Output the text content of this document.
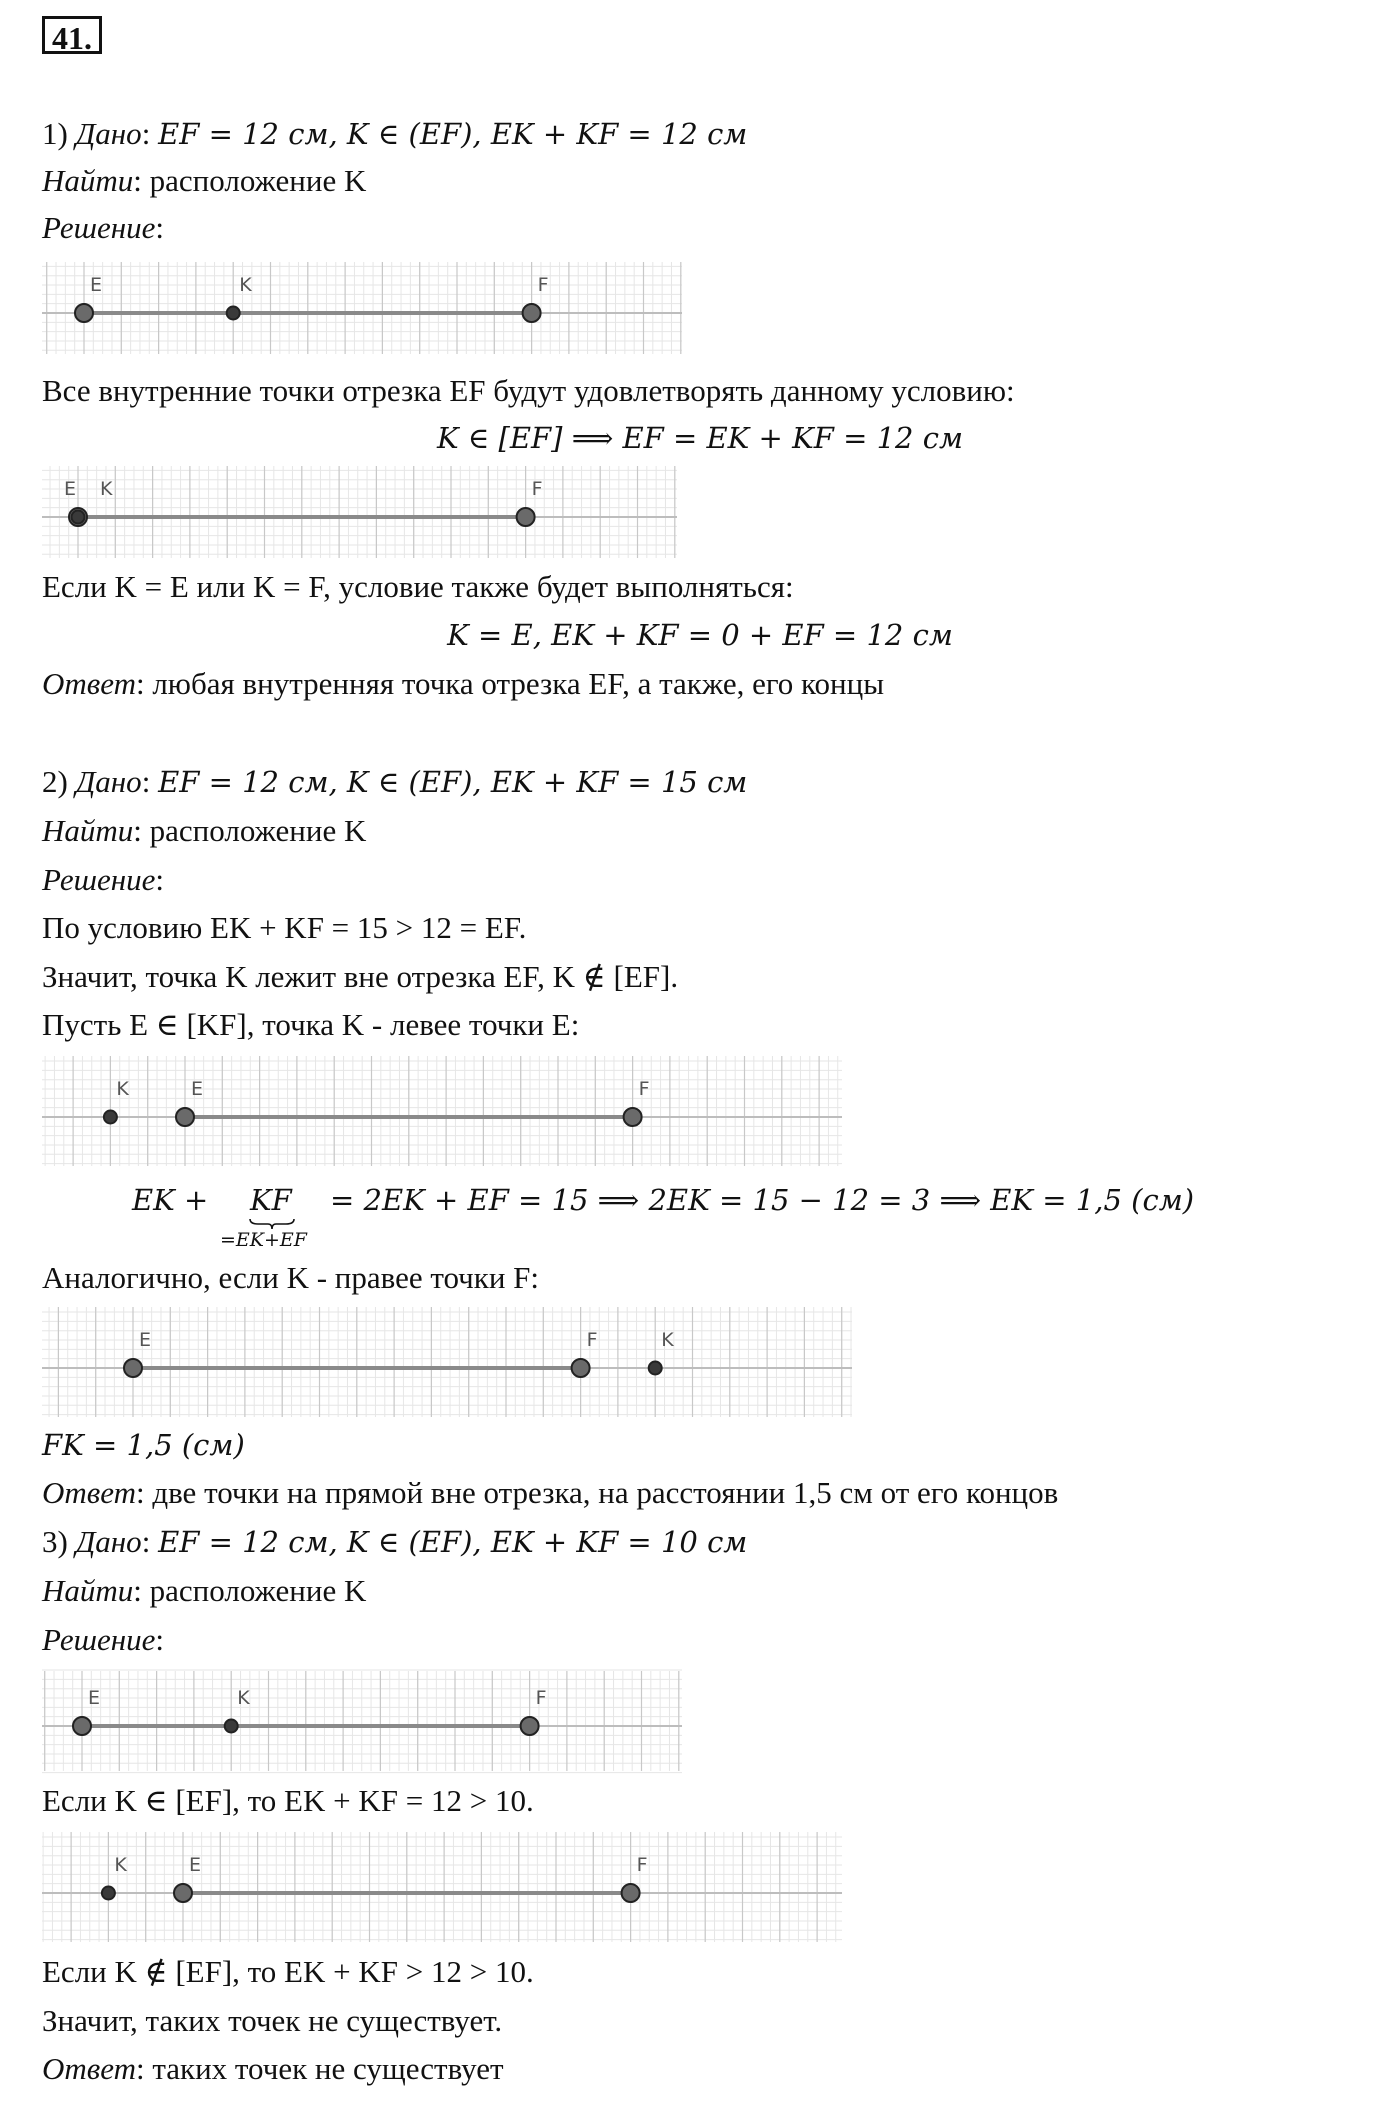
41.
1) Дано: EF = 12 см, K ∈ (EF), EK + KF = 12 см
Найти: расположение K
Решение:
E	K	F
Все внутренние точки отрезка EF будут удовлетворять данному условию:
K ∈ [EF] ⟹ EF = EK + KF = 12 см
E K	F
Если K = E или K = F, условие также будет выполняться:
K = E, EK + KF = 0 + EF = 12 см
Ответ: любая внутренняя точка отрезка EF, а также, его концы
2) Дано: EF = 12 см, K ∈ (EF), EK + KF = 15 см
Найти: расположение K
Решение:
По условию EK + KF = 15 > 12 = EF.
Значит, точка K лежит вне отрезка EF, K ∉ [EF].
Пусть E ∈ [KF], точка K - левее точки E:
K	E	F
EK + KF
=EK+EF
= 2EK + EF = 15 ⟹ 2EK = 15 − 12 = 3 ⟹ EK = 1,5 (см)
Аналогично, если K - правее точки F:
E	F	K
FK = 1,5 (см)
Ответ: две точки на прямой вне отрезка, на расстоянии 1,5 см от его концов
3) Дано: EF = 12 см, K ∈ (EF), EK + KF = 10 см
Найти: расположение K
Решение:
E	K	F
Если K ∈ [EF], то EK + KF = 12 > 10.
K	E	F
Если K ∉ [EF], то EK + KF > 12 > 10.
Значит, таких точек не существует.
Ответ: таких точек не существует
